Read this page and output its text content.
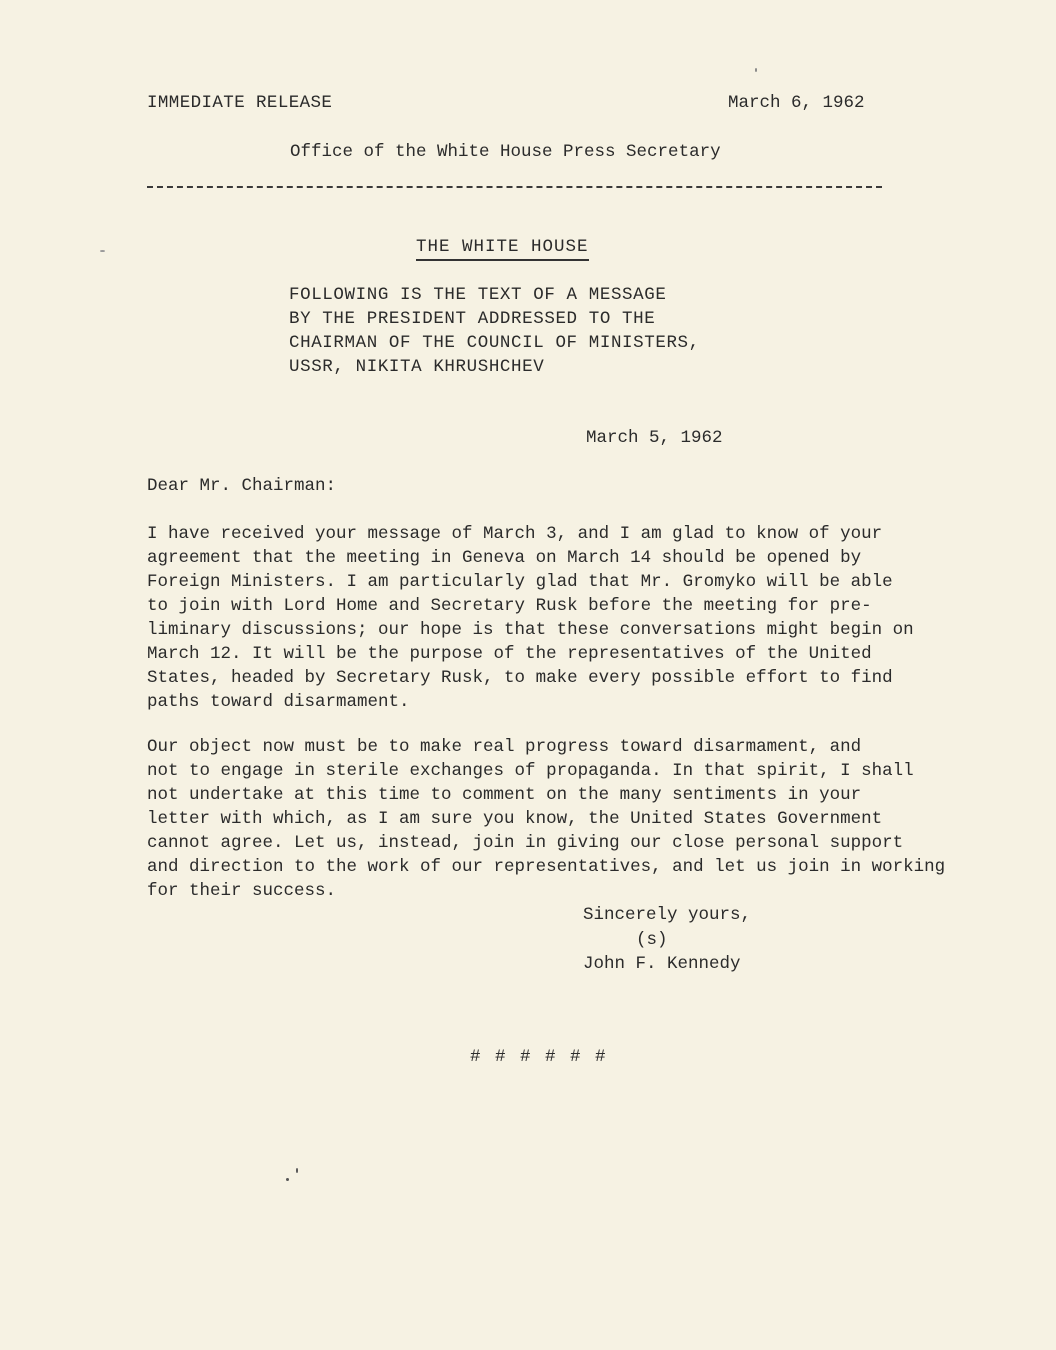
IMMEDIATE RELEASE	March 6, 1962
Office of the White House Press Secretary
THE WHITE HOUSE
FOLLOWING IS THE TEXT OF A MESSAGE
BY THE PRESIDENT ADDRESSED TO THE
CHAIRMAN OF THE COUNCIL OF MINISTERS,
USSR, NIKITA KHRUSHCHEV
March 5, 1962
Dear Mr. Chairman:
I have received your message of March 3, and I am glad to know of your
agreement that the meeting in Geneva on March 14 should be opened by
Foreign Ministers. I am particularly glad that Mr. Gromyko will be able
to join with Lord Home and Secretary Rusk before the meeting for pre-
liminary discussions; our hope is that these conversations might begin on
March 12. It will be the purpose of the representatives of the United
States, headed by Secretary Rusk, to make every possible effort to find
paths toward disarmament.
Our object now must be to make real progress toward disarmament, and
not to engage in sterile exchanges of propaganda. In that spirit, I shall
not undertake at this time to comment on the many sentiments in your
letter with which, as I am sure you know, the United States Government
cannot agree. Let us, instead, join in giving our close personal support
and direction to the work of our representatives, and let us join in working
for their success.
Sincerely yours,
(s)
John F. Kennedy
# # # # # #
